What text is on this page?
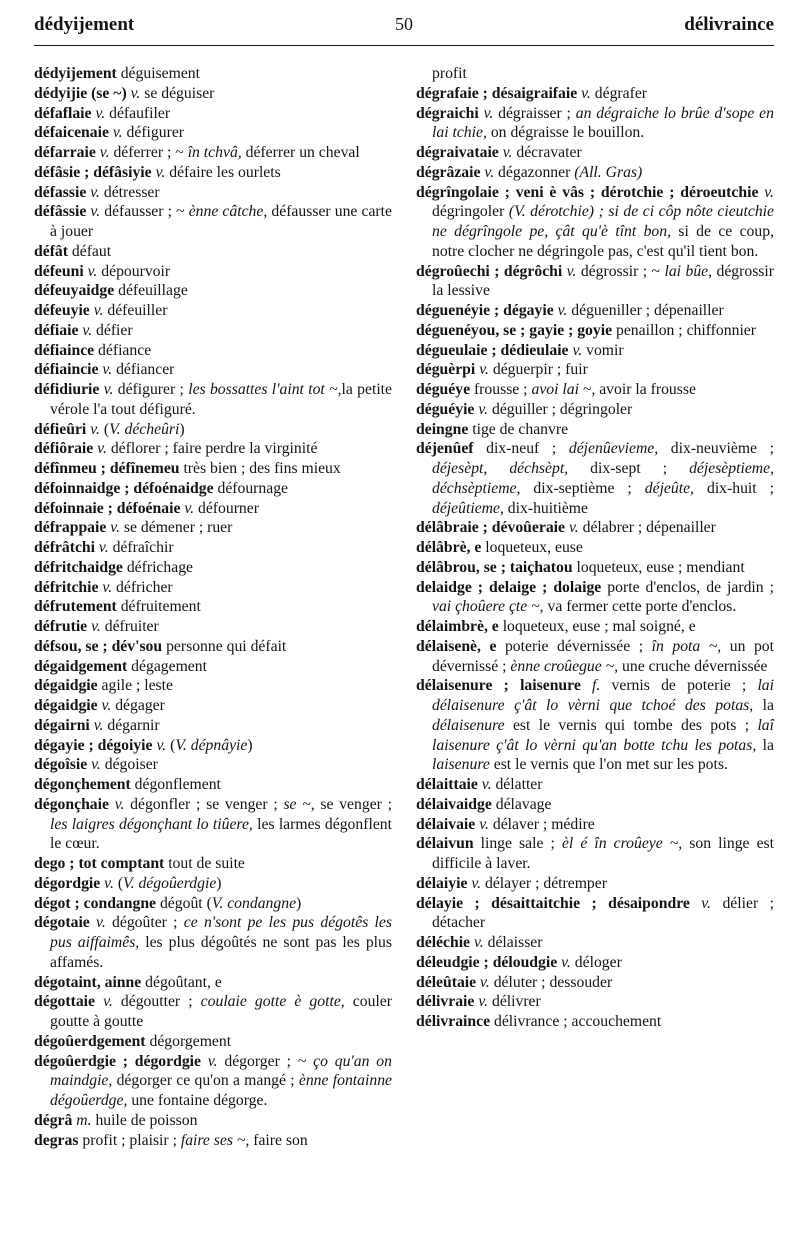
dédyijement	50	délivraince

dédyijement déguisement

dédyijie (se ~) v. se déguiser

défaflaie v. défaufiler

défaicenaie v. défigurer

défarraie v. déferrer ; ~ în tchvâ, déferrer un cheval

défâsie ; défâsiyie v. défaire les ourlets

défassie v. détresser

défâssie v. défausser ; ~ ènne câtche, défausser une carte à jouer

défât défaut

défeuni v. dépourvoir

défeuyaidge défeuillage

défeuyie v. défeuiller

défiaie v. défier

défiaince défiance

défiaincie v. défiancer

défidiurie v. défigurer ; les bossattes l'aint tot ~,la petite vérole l'a tout défiguré.

défieûri v. (V. décheûri)

défiôraie v. déflorer ; faire perdre la virginité

défînmeu ; défînemeu très bien ; des fins mieux

défoinnaidge ; défoénaidge défournage

défoinnaie ; défoénaie v. défourner

défrappaie v. se démener ; ruer

défrâtchi v. défraîchir

défritchaidge défrichage

défritchie v. défricher

défrutement défruitement

défrutie v. défruiter

défsou, se ; dév'sou personne qui défait

dégaidgement dégagement

dégaidgie agile ; leste

dégaidgie v. dégager

dégairni v. dégarnir

dégayie ; dégoiyie v. (V. dépnâyie)

dégoîsie v. dégoiser

dégonçhement dégonflement

dégonçhaie v. dégonfler ; se venger ; se ~, se venger ; les laigres dégonçhant lo tiûere, les larmes dégonflent le cœur.

dego ; tot comptant tout de suite

dégordgie v. (V. dégoûerdgie)

dégot ; condangne dégoût (V. condangne)

dégotaie v. dégoûter ; ce n'sont pe les pus dégotês les pus aiffaimês, les plus dégoûtés ne sont pas les plus affamés.

dégotaint, ainne dégoûtant, e

dégottaie v. dégoutter ; coulaie gotte è gotte, couler goutte à goutte

dégoûerdgement dégorgement

dégoûerdgie ; dégordgie v. dégorger ; ~ ço qu'an on maindgie, dégorger ce qu'on a mangé ; ènne fontainne dégoûerdge, une fontaine dégorge.

dégrâ m. huile de poisson

degras profit ; plaisir ; faire ses ~, faire son

profit

dégrafaie ; désaigraifaie v. dégrafer

dégraichi v. dégraisser ; an dégraiche lo brûe d'sope en lai tchie, on dégraisse le bouillon.

dégraivataie v. décravater

dégrâzaie v. dégazonner (All. Gras)

dégrîngolaie ; veni è vâs ; dérotchie ; déroeutchie v. dégringoler (V. dérotchie) ; si de ci côp nôte cieutchie ne dégrîngole pe, çât qu'è tînt bon, si de ce coup, notre clocher ne dégringole pas, c'est qu'il tient bon.

dégroûechi ; dégrôchi v. dégrossir ; ~ lai bûe, dégrossir la lessive

déguenéyie ; dégayie v. dégueniller ; dépenailler

déguenéyou, se ; gayie ; goyie penaillon ; chiffonnier

dégueulaie ; dédieulaie v. vomir

déguèrpi v. déguerpir ; fuir

déguéye frousse ; avoi lai ~, avoir la frousse

déguéyie v. déguiller ; dégringoler

deingne tige de chanvre

déjenûef dix-neuf ; déjenûevieme, dix-neuvième ; déjesèpt, déchsèpt, dix-sept ; déjesèptieme, déchsèptieme, dix-septième ; déjeûte, dix-huit ; déjeûtieme, dix-huitième

délâbraie ; dévoûeraie v. délabrer ; dépenailler

délâbrè, e loqueteux, euse

délâbrou, se ; taiçhatou loqueteux, euse ; mendiant

delaidge ; delaige ; dolaige porte d'enclos, de jardin ; vai çhoûere çte ~, va fermer cette porte d'enclos.

délaimbrè, e loqueteux, euse ; mal soigné, e

délaisenè, e poterie dévernissée ; în pota ~, un pot dévernissé ; ènne croûegue ~, une cruche dévernissée

délaisenure ; laisenure f. vernis de poterie ; lai délaisenure ç'ât lo vèrni que tchoé des potas, la délaisenure est le vernis qui tombe des pots ; laî laisenure ç'ât lo vèrni qu'an botte tchu les potas, la laisenure est le vernis que l'on met sur les pots.

délaittaie v. délatter

délaivaidge délavage

délaivaie v. délaver ; médire

délaivun linge sale ; èl é în croûeye ~, son linge est difficile à laver.

délaiyie v. délayer ; détremper

délayie ; désaittaitchie ; désaipondre v. délier ; détacher

déléchie v. délaisser

déleudgie ; déloudgie v. déloger

déleûtaie v. déluter ; dessouder

délivraie v. délivrer

délivraince délivrance ; accouchement
